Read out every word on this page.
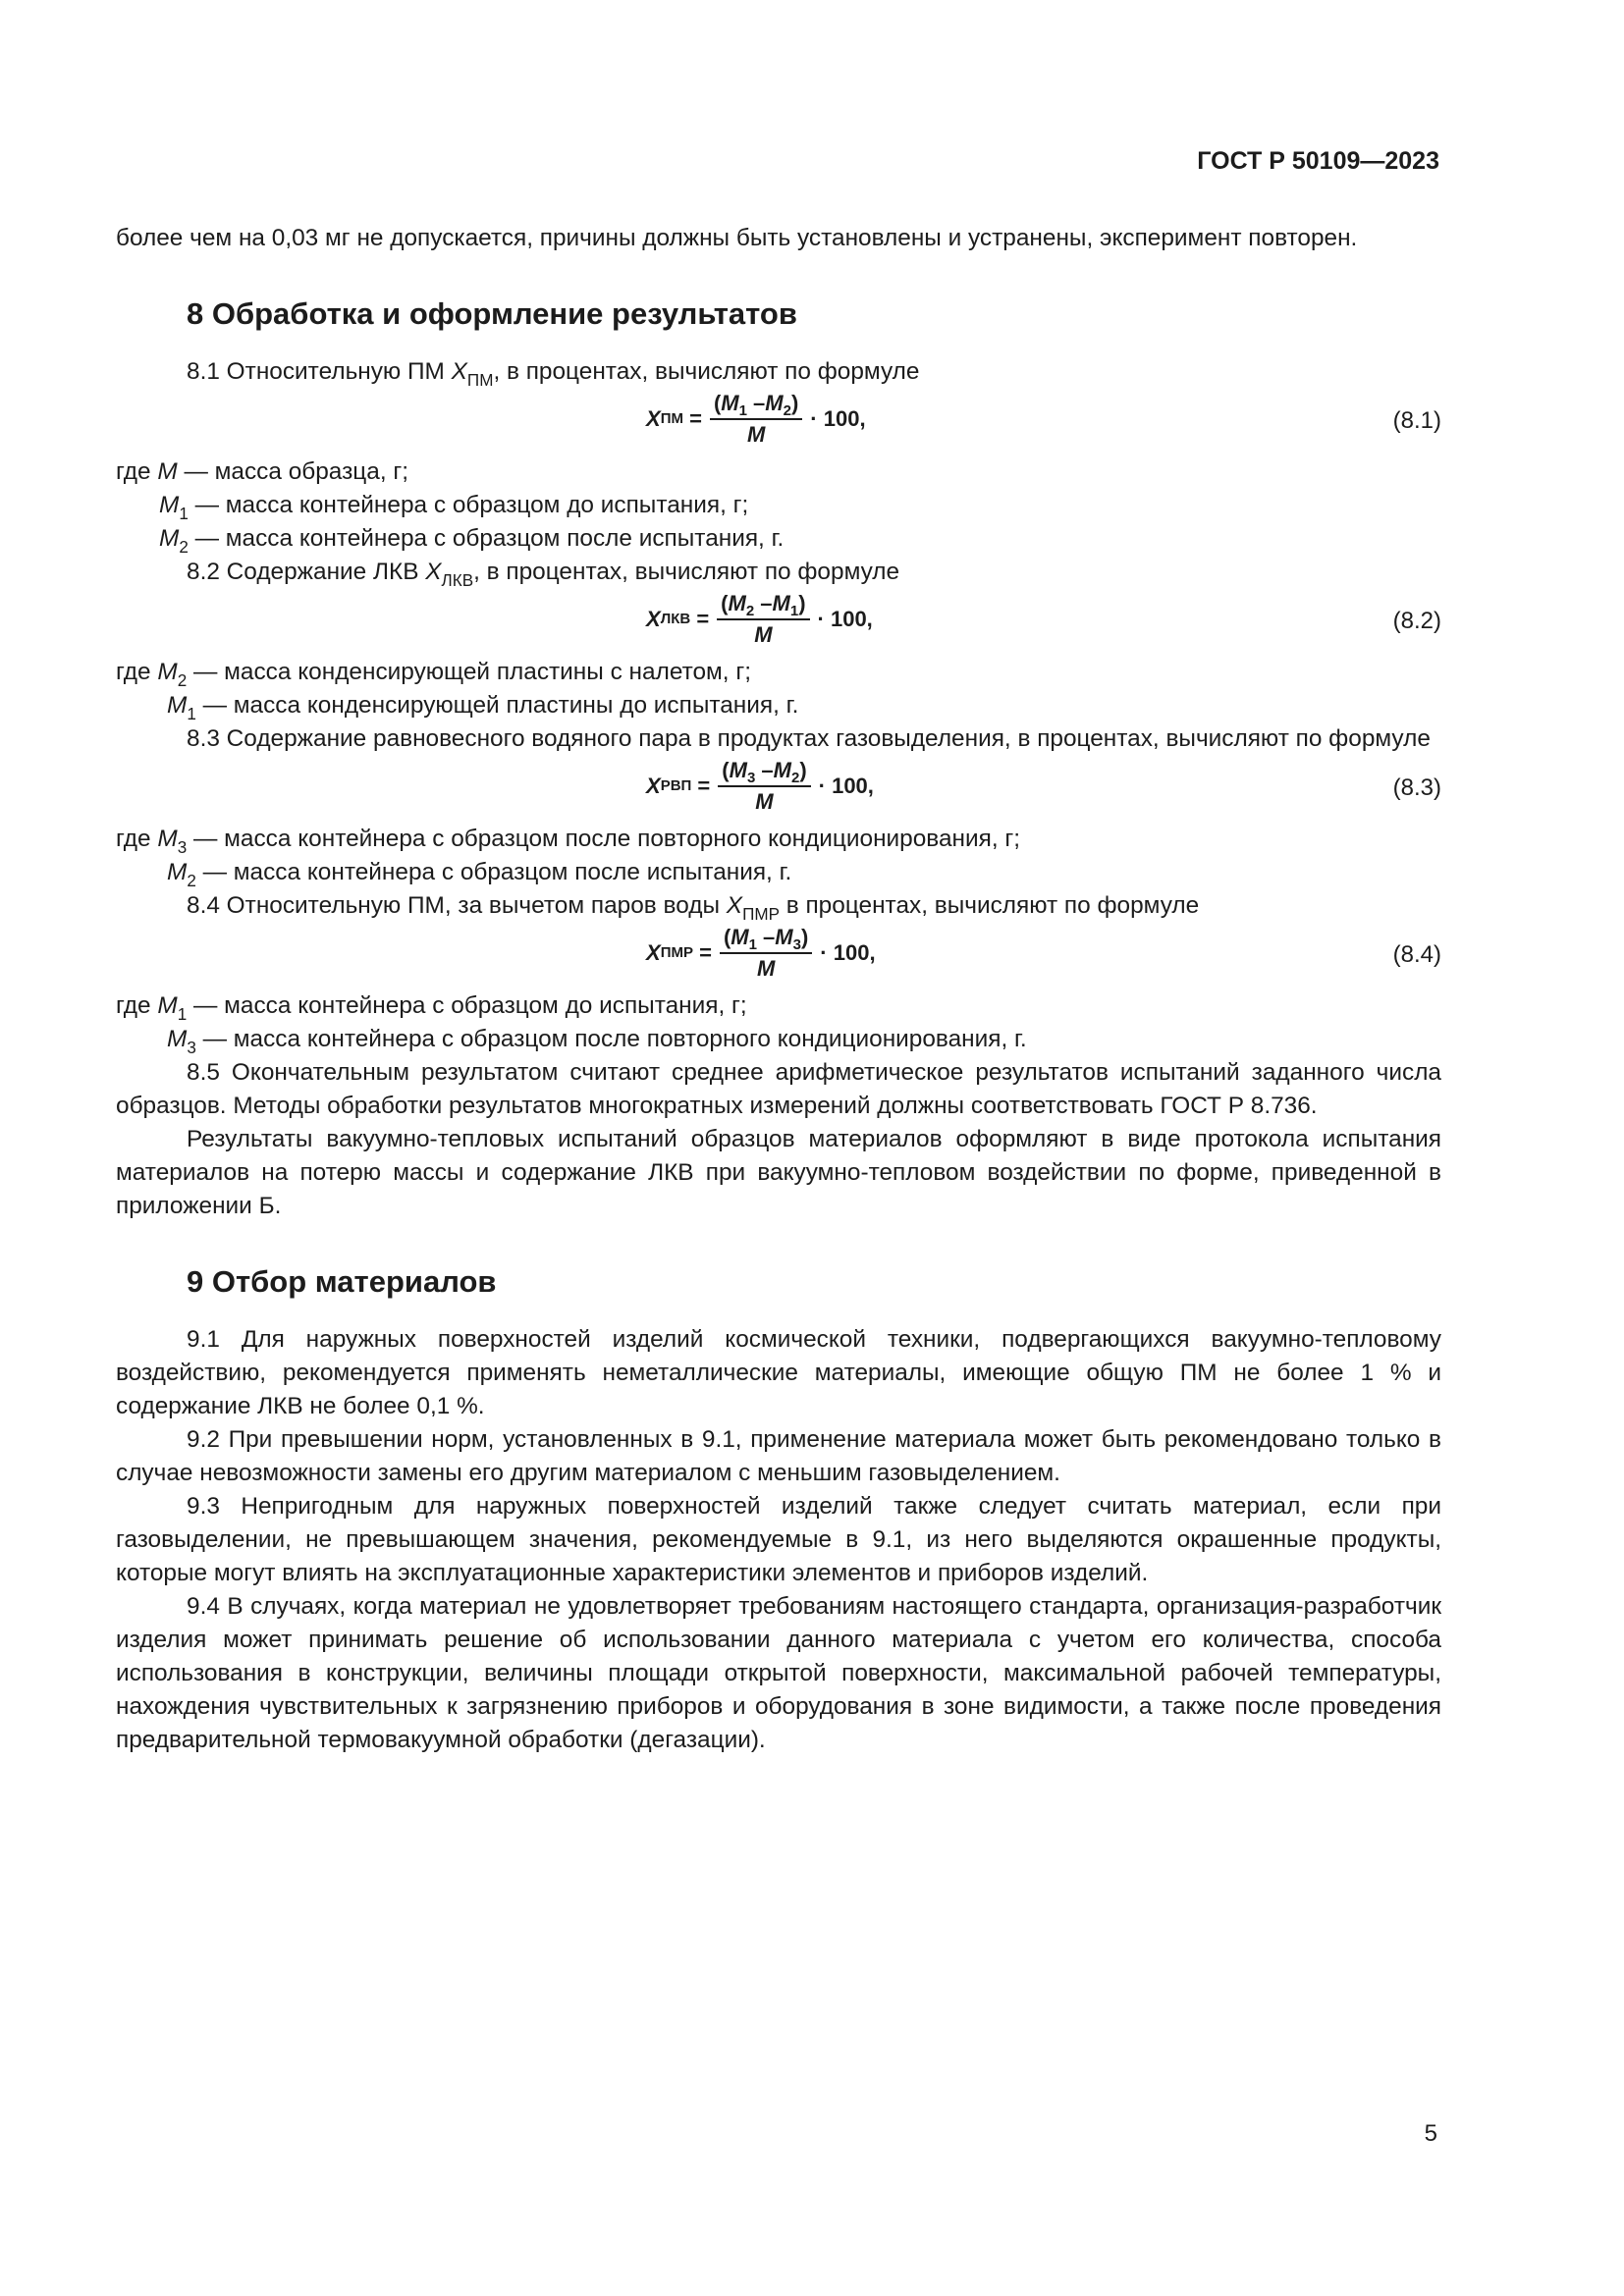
ГОСТ Р 50109—2023

более чем на 0,03 мг не допускается, причины должны быть установлены и устранены, эксперимент повторен.

8 Обработка и оформление результатов

8.1 Относительную ПМ $X_{ПМ}$, в процентах, вычисляют по формуле

X ПМ = $\frac{(M_1 -M_2)}{M} \cdot 100$,	(8.1)

где M — масса образца, г;

$M_1$ — масса контейнера с образцом до испытания, г;

$M_2$ — масса контейнера с образцом после испытания, г.

8.2 Содержание ЛКВ $X_{ЛКВ}$, в процентах, вычисляют по формуле

X ЛКВ = $\frac{(M_2 -M_1)}{M} \cdot 100$,	(8.2)

где $M_2$ — масса конденсирующей пластины с налетом, г;

$M_1$ — масса конденсирующей пластины до испытания, г.

8.3 Содержание равновесного водяного пара в продуктах газовыделения, в процентах, вычисляют по формуле

X РВП = $\frac{(M_3 -M_2)}{M} \cdot 100$,	(8.3)

где $M_3$ — масса контейнера с образцом после повторного кондиционирования, г;

$M_2$ — масса контейнера с образцом после испытания, г.

8.4 Относительную ПМ, за вычетом паров воды $X_{ПМР}$ в процентах, вычисляют по формуле

X ПМР = $\frac{(M_1 -M_3)}{M} \cdot 100$,	(8.4)

где $M_1$ — масса контейнера с образцом до испытания, г;

$M_3$ — масса контейнера с образцом после повторного кондиционирования, г.

8.5 Окончательным результатом считают среднее арифметическое результатов испытаний заданного числа образцов. Методы обработки результатов многократных измерений должны соответствовать ГОСТ Р 8.736.

Результаты вакуумно-тепловых испытаний образцов материалов оформляют в виде протокола испытания материалов на потерю массы и содержание ЛКВ при вакуумно-тепловом воздействии по форме, приведенной в приложении Б.

9 Отбор материалов

9.1 Для наружных поверхностей изделий космической техники, подвергающихся вакуумно-тепловому воздействию, рекомендуется применять неметаллические материалы, имеющие общую ПМ не более 1 % и содержание ЛКВ не более 0,1 %.

9.2 При превышении норм, установленных в 9.1, применение материала может быть рекомендовано только в случае невозможности замены его другим материалом с меньшим газовыделением.

9.3 Непригодным для наружных поверхностей изделий также следует считать материал, если при газовыделении, не превышающем значения, рекомендуемые в 9.1, из него выделяются окрашенные продукты, которые могут влиять на эксплуатационные характеристики элементов и приборов изделий.

9.4 В случаях, когда материал не удовлетворяет требованиям настоящего стандарта, организация-разработчик изделия может принимать решение об использовании данного материала с учетом его количества, способа использования в конструкции, величины площади открытой поверхности, максимальной рабочей температуры, нахождения чувствительных к загрязнению приборов и оборудования в зоне видимости, а также после проведения предварительной термовакуумной обработки (дегазации).

5
